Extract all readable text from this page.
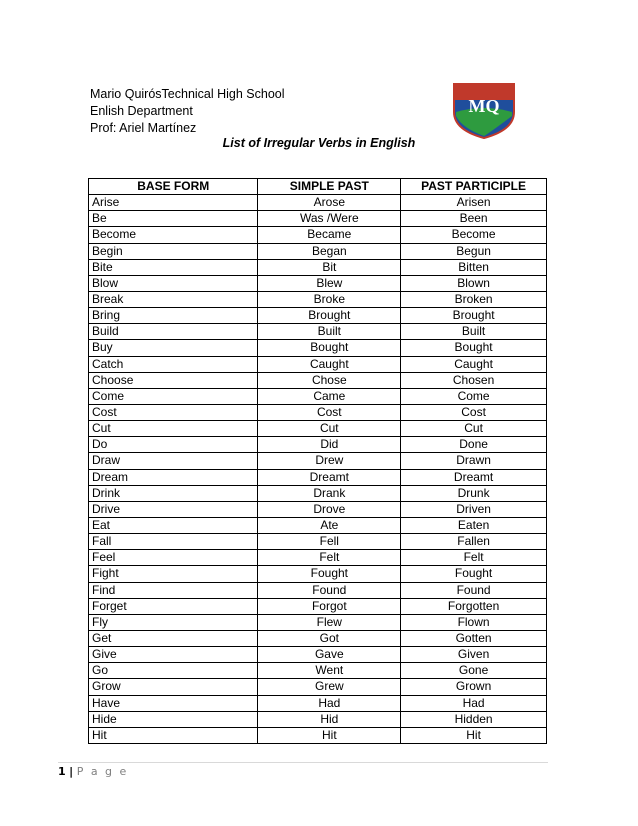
Mario QuirósTechnical High School
Enlish Department
Prof: Ariel Martínez
MQ
List of Irregular Verbs in English
BASE FORM	SIMPLE PAST	PAST PARTICIPLE
Arise	Arose	Arisen
Be	Was /Were	Been
Become	Became	Become
Begin	Began	Begun
Bite	Bit	Bitten
Blow	Blew	Blown
Break	Broke	Broken
Bring	Brought	Brought
Build	Built	Built
Buy	Bought	Bought
Catch	Caught	Caught
Choose	Chose	Chosen
Come	Came	Come
Cost	Cost	Cost
Cut	Cut	Cut
Do	Did	Done
Draw	Drew	Drawn
Dream	Dreamt	Dreamt
Drink	Drank	Drunk
Drive	Drove	Driven
Eat	Ate	Eaten
Fall	Fell	Fallen
Feel	Felt	Felt
Fight	Fought	Fought
Find	Found	Found
Forget	Forgot	Forgotten
Fly	Flew	Flown
Get	Got	Gotten
Give	Gave	Given
Go	Went	Gone
Grow	Grew	Grown
Have	Had	Had
Hide	Hid	Hidden
Hit	Hit	Hit
1 | P a g e
